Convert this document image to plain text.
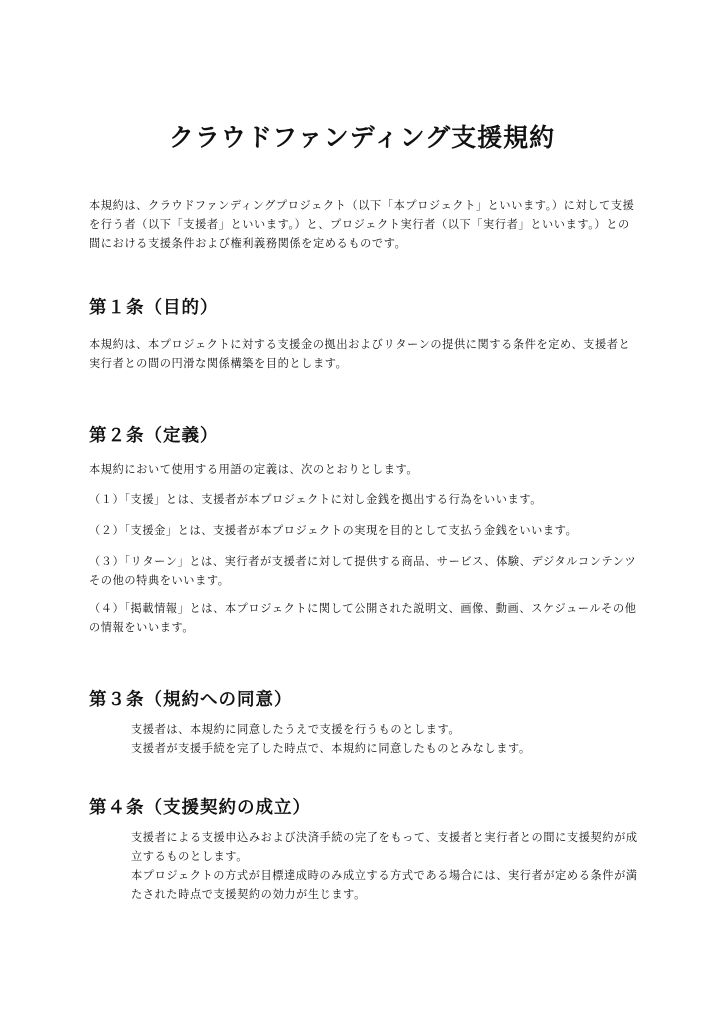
クラウドファンディング支援規約

本規約は、クラウドファンディングプロジェクト（以下「本プロジェクト」といいます。）に対して支援を行う者（以下「支援者」といいます。）と、プロジェクト実行者（以下「実行者」といいます。）との間における支援条件および権利義務関係を定めるものです。

第１条（目的）

本規約は、本プロジェクトに対する支援金の拠出およびリターンの提供に関する条件を定め、支援者と実行者との間の円滑な関係構築を目的とします。

第２条（定義）

本規約において使用する用語の定義は、次のとおりとします。

（１）「支援」とは、支援者が本プロジェクトに対し金銭を拠出する行為をいいます。

（２）「支援金」とは、支援者が本プロジェクトの実現を目的として支払う金銭をいいます。

（３）「リターン」とは、実行者が支援者に対して提供する商品、サービス、体験、デジタルコンテンツその他の特典をいいます。

（４）「掲載情報」とは、本プロジェクトに関して公開された説明文、画像、動画、スケジュールその他の情報をいいます。

第３条（規約への同意）

支援者は、本規約に同意したうえで支援を行うものとします。

支援者が支援手続を完了した時点で、本規約に同意したものとみなします。

第４条（支援契約の成立）

支援者による支援申込みおよび決済手続の完了をもって、支援者と実行者との間に支援契約が成立するものとします。

本プロジェクトの方式が目標達成時のみ成立する方式である場合には、実行者が定める条件が満たされた時点で支援契約の効力が生じます。
